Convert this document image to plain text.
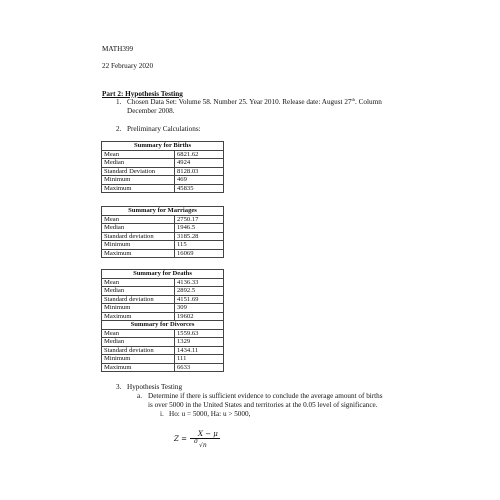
MATH399
22 February 2020
Part 2: Hypothesis Testing
1. Chosen Data Set: Volume 58. Number 25. Year 2010. Release date: August 27th. Column
December 2008.
2. Preliminary Calculations:
Summary for Births	
Mean	6821.62
Median	4924
Standard Deviation	8128.03
Minimum	469
Maximum	45835
Summary for Marriages	
Mean	2750.17
Median	1946.5
Standard deviation	3185.28
Minimum	115
Maximum	16069
Summary for Deaths	
Mean	4136.33
Median	2892.5
Standard deviation	4151.69
Minimum	309
Maximum	19602
Summary for Divorces	
Mean	1559.63
Median	1329
Standard deviation	1434.11
Minimum	111
Maximum	6633
3. Hypothesis Testing
a. Determine if there is sufficient evidence to conclude the average amount of births
is over 5000 in the United States and territories at the 0.05 level of significance.
i. Ho: u = 5000, Ha: u > 5000,
Z =
X − μ
σ
√n
